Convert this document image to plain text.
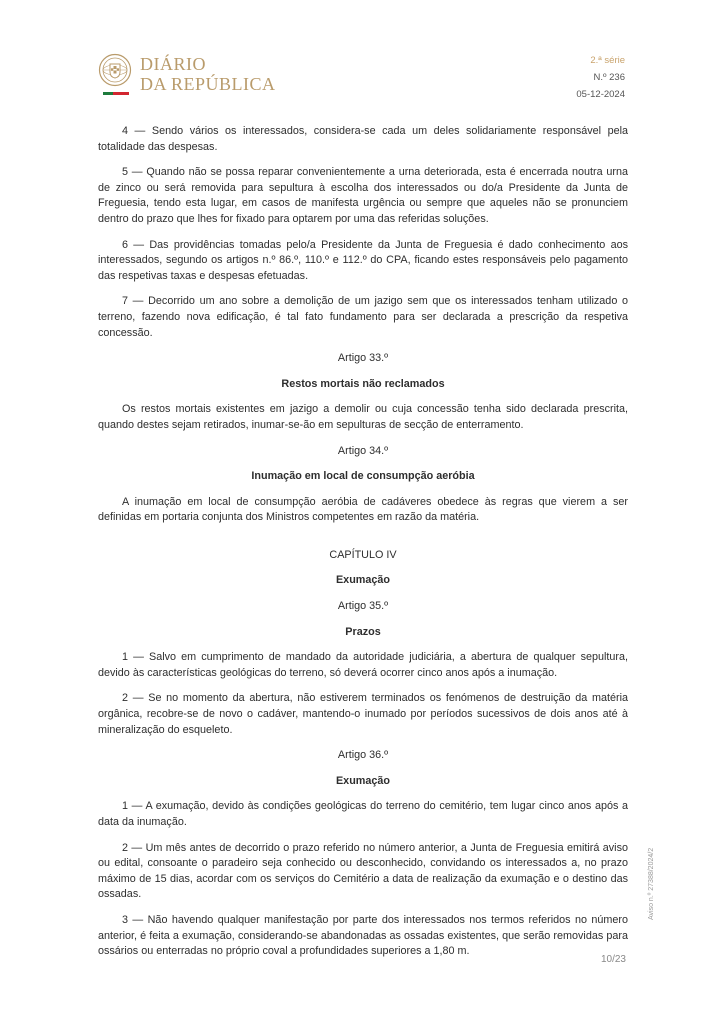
DIÁRIO
DA REPÚBLICA
2.ª série
N.º 236
05-12-2024

4 — Sendo vários os interessados, considera-se cada um deles solidariamente responsável pela totalidade das despesas.

5 — Quando não se possa reparar convenientemente a urna deteriorada, esta é encerrada noutra urna de zinco ou será removida para sepultura à escolha dos interessados ou do/a Presidente da Junta de Freguesia, tendo esta lugar, em casos de manifesta urgência ou sempre que aqueles não se pronunciem dentro do prazo que lhes for fixado para optarem por uma das referidas soluções.

6 — Das providências tomadas pelo/a Presidente da Junta de Freguesia é dado conhecimento aos interessados, segundo os artigos n.º 86.º, 110.º e 112.º do CPA, ficando estes responsáveis pelo pagamento das respetivas taxas e despesas efetuadas.

7 — Decorrido um ano sobre a demolição de um jazigo sem que os interessados tenham utilizado o terreno, fazendo nova edificação, é tal fato fundamento para ser declarada a prescrição da respetiva concessão.

Artigo 33.º
Restos mortais não reclamados

Os restos mortais existentes em jazigo a demolir ou cuja concessão tenha sido declarada prescrita, quando destes sejam retirados, inumar-se-ão em sepulturas de secção de enterramento.

Artigo 34.º
Inumação em local de consumpção aeróbia

A inumação em local de consumpção aeróbia de cadáveres obedece às regras que vierem a ser definidas em portaria conjunta dos Ministros competentes em razão da matéria.

CAPÍTULO IV
Exumação
Artigo 35.º
Prazos

1 — Salvo em cumprimento de mandado da autoridade judiciária, a abertura de qualquer sepultura, devido às características geológicas do terreno, só deverá ocorrer cinco anos após a inumação.

2 — Se no momento da abertura, não estiverem terminados os fenómenos de destruição da matéria orgânica, recobre-se de novo o cadáver, mantendo-o inumado por períodos sucessivos de dois anos até à mineralização do esqueleto.

Artigo 36.º
Exumação

1 — A exumação, devido às condições geológicas do terreno do cemitério, tem lugar cinco anos após a data da inumação.

2 — Um mês antes de decorrido o prazo referido no número anterior, a Junta de Freguesia emitirá aviso ou edital, consoante o paradeiro seja conhecido ou desconhecido, convidando os interessados a, no prazo máximo de 15 dias, acordar com os serviços do Cemitério a data de realização da exumação e o destino das ossadas.

3 — Não havendo qualquer manifestação por parte dos interessados nos termos referidos no número anterior, é feita a exumação, considerando-se abandonadas as ossadas existentes, que serão removidas para ossários ou enterradas no próprio coval a profundidades superiores a 1,80 m.

Aviso n.º 27388/2024/2
10/23
